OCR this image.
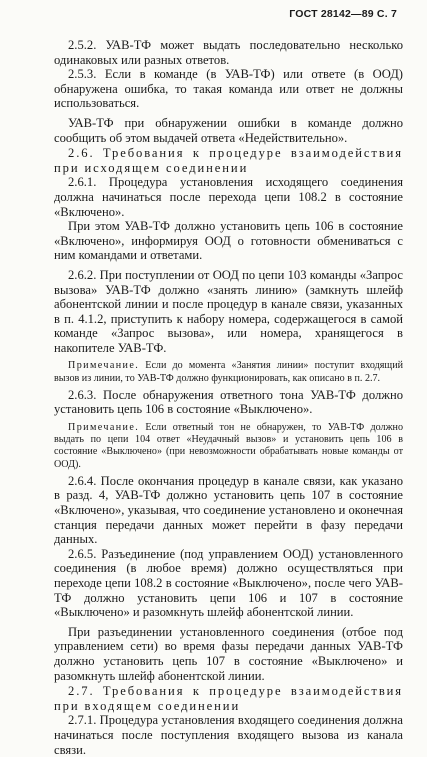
ГОСТ 28142—89 С. 7

2.5.2. УАВ-ТФ может выдать последовательно несколько одинаковых или разных ответов.

2.5.3. Если в команде (в УАВ-ТФ) или ответе (в ООД) обнаружена ошибка, то такая команда или ответ не должны использоваться.

УАВ-ТФ при обнаружении ошибки в команде должно сообщить об этом выдачей ответа «Недействительно».

2.6. Требования к процедуре взаимодействия при исходящем соединении

2.6.1. Процедура установления исходящего соединения должна начинаться после перехода цепи 108.2 в состояние «Включено».

При этом УАВ-ТФ должно установить цепь 106 в состояние «Включено», информируя ООД о готовности обмениваться с ним командами и ответами.

2.6.2. При поступлении от ООД по цепи 103 команды «Запрос вызова» УАВ-ТФ должно «занять линию» (замкнуть шлейф абонентской линии и после процедур в канале связи, указанных в п. 4.1.2, приступить к набору номера, содержащегося в самой команде «Запрос вызова», или номера, хранящегося в накопителе УАВ-ТФ.

Примечание. Если до момента «Занятия линии» поступит входящий вызов из линии, то УАВ-ТФ должно функционировать, как описано в п. 2.7.

2.6.3. После обнаружения ответного тона УАВ-ТФ должно установить цепь 106 в состояние «Выключено».

Примечание. Если ответный тон не обнаружен, то УАВ-ТФ должно выдать по цепи 104 ответ «Неудачный вызов» и установить цепь 106 в состояние «Выключено» (при невозможности обрабатывать новые команды от ООД).

2.6.4. После окончания процедур в канале связи, как указано в разд. 4, УАВ-ТФ должно установить цепь 107 в состояние «Включено», указывая, что соединение установлено и оконечная станция передачи данных может перейти в фазу передачи данных.

2.6.5. Разъединение (под управлением ООД) установленного соединения (в любое время) должно осуществляться при переходе цепи 108.2 в состояние «Выключено», после чего УАВ-ТФ должно установить цепи 106 и 107 в состояние «Выключено» и разомкнуть шлейф абонентской линии.

При разъединении установленного соединения (отбое под управлением сети) во время фазы передачи данных УАВ-ТФ должно установить цепь 107 в состояние «Выключено» и разомкнуть шлейф абонентской линии.

2.7. Требования к процедуре взаимодействия при входящем соединении

2.7.1. Процедура установления входящего соединения должна начинаться после поступления входящего вызова из канала связи.
